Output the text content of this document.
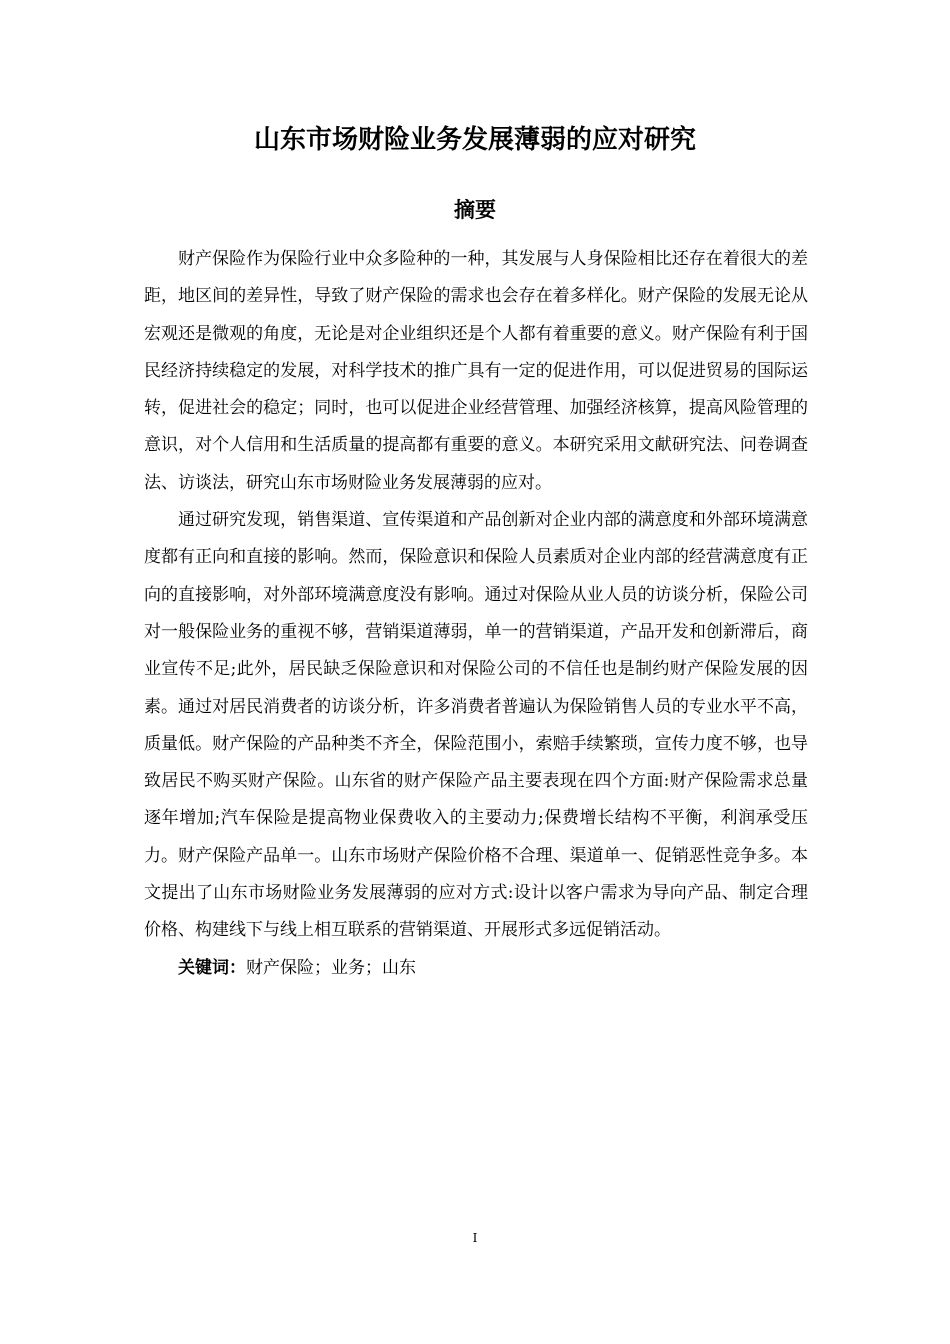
山东市场财险业务发展薄弱的应对研究
摘要

财产保险作为保险行业中众多险种的一种，其发展与人身保险相比还存在着很大的差距，地区间的差异性，导致了财产保险的需求也会存在着多样化。财产保险的发展无论从宏观还是微观的角度，无论是对企业组织还是个人都有着重要的意义。财产保险有利于国民经济持续稳定的发展，对科学技术的推广具有一定的促进作用，可以促进贸易的国际运转，促进社会的稳定；同时，也可以促进企业经营管理、加强经济核算，提高风险管理的意识，对个人信用和生活质量的提高都有重要的意义。本研究采用文献研究法、问卷调查法、访谈法，研究山东市场财险业务发展薄弱的应对。

通过研究发现，销售渠道、宣传渠道和产品创新对企业内部的满意度和外部环境满意度都有正向和直接的影响。然而，保险意识和保险人员素质对企业内部的经营满意度有正向的直接影响，对外部环境满意度没有影响。通过对保险从业人员的访谈分析，保险公司对一般保险业务的重视不够，营销渠道薄弱，单一的营销渠道，产品开发和创新滞后，商业宣传不足;此外，居民缺乏保险意识和对保险公司的不信任也是制约财产保险发展的因素。通过对居民消费者的访谈分析，许多消费者普遍认为保险销售人员的专业水平不高，质量低。财产保险的产品种类不齐全，保险范围小，索赔手续繁琐，宣传力度不够，也导致居民不购买财产保险。山东省的财产保险产品主要表现在四个方面:财产保险需求总量逐年增加;汽车保险是提高物业保费收入的主要动力;保费增长结构不平衡，利润承受压力。财产保险产品单一。山东市场财产保险价格不合理、渠道单一、促销恶性竞争多。本文提出了山东市场财险业务发展薄弱的应对方式:设计以客户需求为导向产品、制定合理价格、构建线下与线上相互联系的营销渠道、开展形式多远促销活动。

关键词：财产保险；业务；山东

I
